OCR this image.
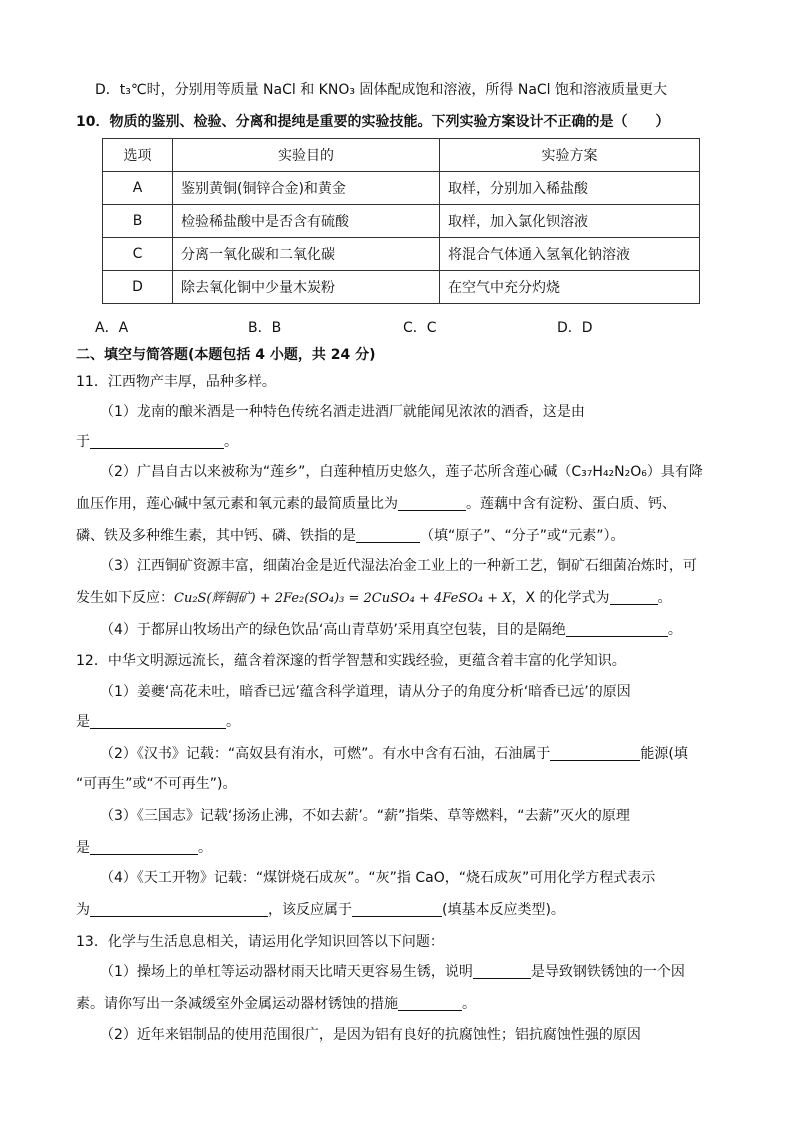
D．t₃℃时，分别用等质量 NaCl 和 KNO₃ 固体配成饱和溶液，所得 NaCl 饱和溶液质量更大
10．物质的鉴别、检验、分离和提纯是重要的实验技能。下列实验方案设计不正确的是（　　）
选项	实验目的	实验方案
A	鉴别黄铜(铜锌合金)和黄金	取样，分别加入稀盐酸
B	检验稀盐酸中是否含有硫酸	取样，加入氯化钡溶液
C	分离一氧化碳和二氧化碳	将混合气体通入氢氧化钠溶液
D	除去氧化铜中少量木炭粉	在空气中充分灼烧
A．A	B．B	C．C	D．D
二、填空与简答题(本题包括 4 小题，共 24 分)
11．江西物产丰厚，品种多样。
（1）龙南的酿米酒是一种特色传统名酒走进酒厂就能闻见浓浓的酒香，这是由
于	。
（2）广昌自古以来被称为“莲乡”，白莲种植历史悠久，莲子芯所含莲心碱（C₃₇H₄₂N₂O₆）具有降
血压作用，莲心碱中氢元素和氧元素的最简质量比为	。莲藕中含有淀粉、蛋白质、钙、
磷、铁及多种维生素，其中钙、磷、铁指的是	（填“原子”、“分子”或“元素”）。
（3）江西铜矿资源丰富，细菌冶金是近代湿法冶金工业上的一种新工艺，铜矿石细菌冶炼时，可
发生如下反应：Cu₂S(辉铜矿) + 2Fe₂(SO₄)₃ = 2CuSO₄ + 4FeSO₄ + X，X 的化学式为	。
（4）于都屏山牧场出产的绿色饮品‘高山青草奶’采用真空包装，目的是隔绝	。
12．中华文明源远流长，蕴含着深邃的哲学智慧和实践经验，更蕴含着丰富的化学知识。
（1）姜夔‘高花未吐，暗香已远’蕴含科学道理，请从分子的角度分析‘暗香已远’的原因
是	。
（2）《汉书》记载：“高奴县有洧水，可燃”。有水中含有石油，石油属于	能源(填
“可再生”或“不可再生”)。
（3）《三国志》记载‘扬汤止沸，不如去薪’。“薪”指柴、草等燃料，“去薪”灭火的原理
是	。
（4）《天工开物》记载：“煤饼烧石成灰”。“灰”指 CaO，“烧石成灰”可用化学方程式表示
为	，该反应属于	(填基本反应类型)。
13．化学与生活息息相关，请运用化学知识回答以下问题：
（1）操场上的单杠等运动器材雨天比晴天更容易生锈，说明	是导致钢铁锈蚀的一个因
素。请你写出一条减缓室外金属运动器材锈蚀的措施	。
（2）近年来铝制品的使用范围很广，是因为铝有良好的抗腐蚀性；铝抗腐蚀性强的原因
